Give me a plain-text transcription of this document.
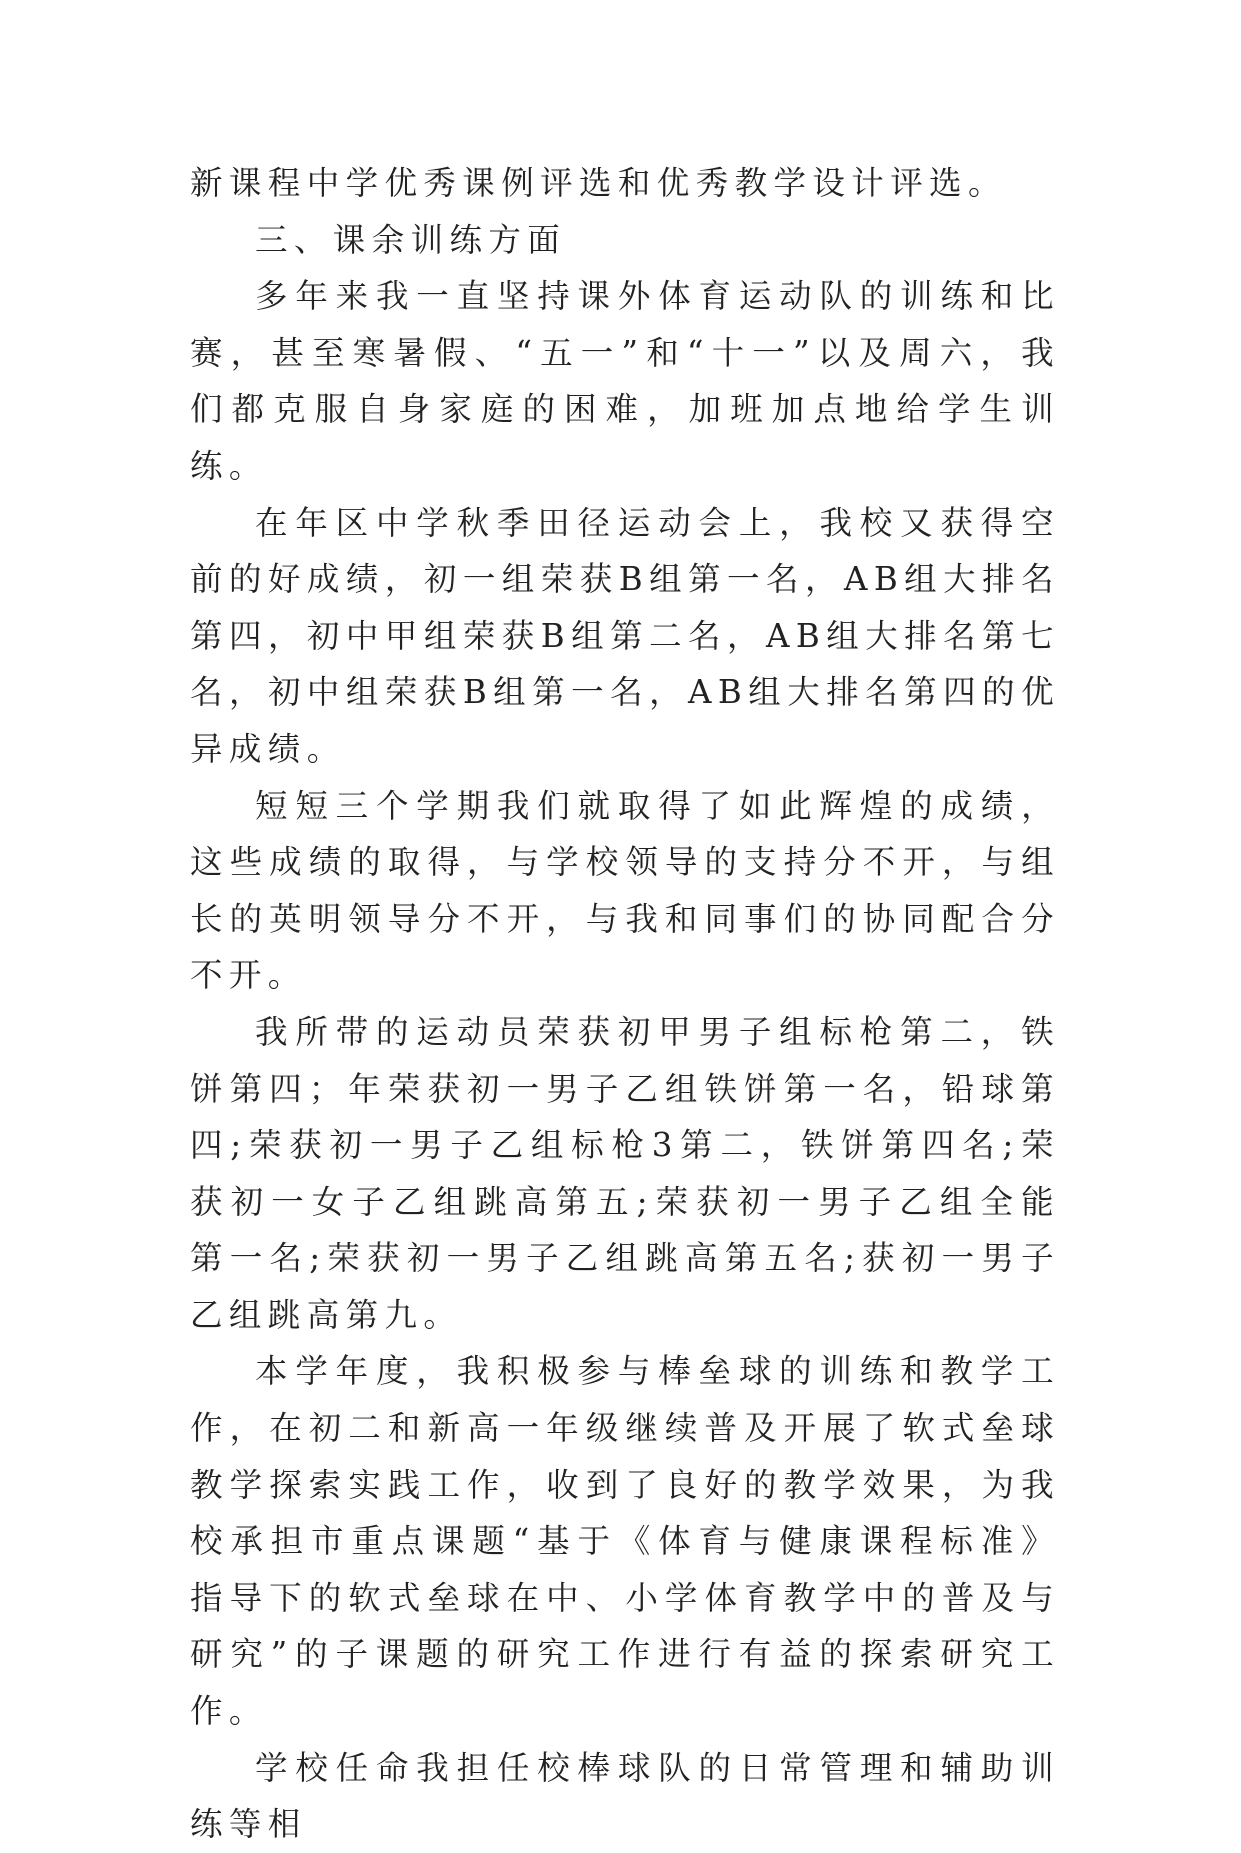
新课程中学优秀课例评选和优秀教学设计评选。

三、课余训练方面

多年来我一直坚持课外体育运动队的训练和比赛，甚至寒暑假、“五一”和“十一”以及周六，我们都克服自身家庭的困难，加班加点地给学生训练。

在年区中学秋季田径运动会上，我校又获得空前的好成绩，初一组荣获B组第一名，AB组大排名第四，初中甲组荣获B组第二名，AB组大排名第七名，初中组荣获B组第一名，AB组大排名第四的优异成绩。

短短三个学期我们就取得了如此辉煌的成绩，这些成绩的取得，与学校领导的支持分不开，与组长的英明领导分不开，与我和同事们的协同配合分不开。

我所带的运动员荣获初甲男子组标枪第二，铁饼第四；年荣获初一男子乙组铁饼第一名，铅球第四;荣获初一男子乙组标枪3第二，铁饼第四名;荣获初一女子乙组跳高第五;荣获初一男子乙组全能第一名;荣获初一男子乙组跳高第五名;获初一男子乙组跳高第九。

本学年度，我积极参与棒垒球的训练和教学工作，在初二和新高一年级继续普及开展了软式垒球教学探索实践工作，收到了良好的教学效果，为我校承担市重点课题“基于《体育与健康课程标准》指导下的软式垒球在中、小学体育教学中的普及与研究”的子课题的研究工作进行有益的探索研究工作。

学校任命我担任校棒球队的日常管理和辅助训练等相
